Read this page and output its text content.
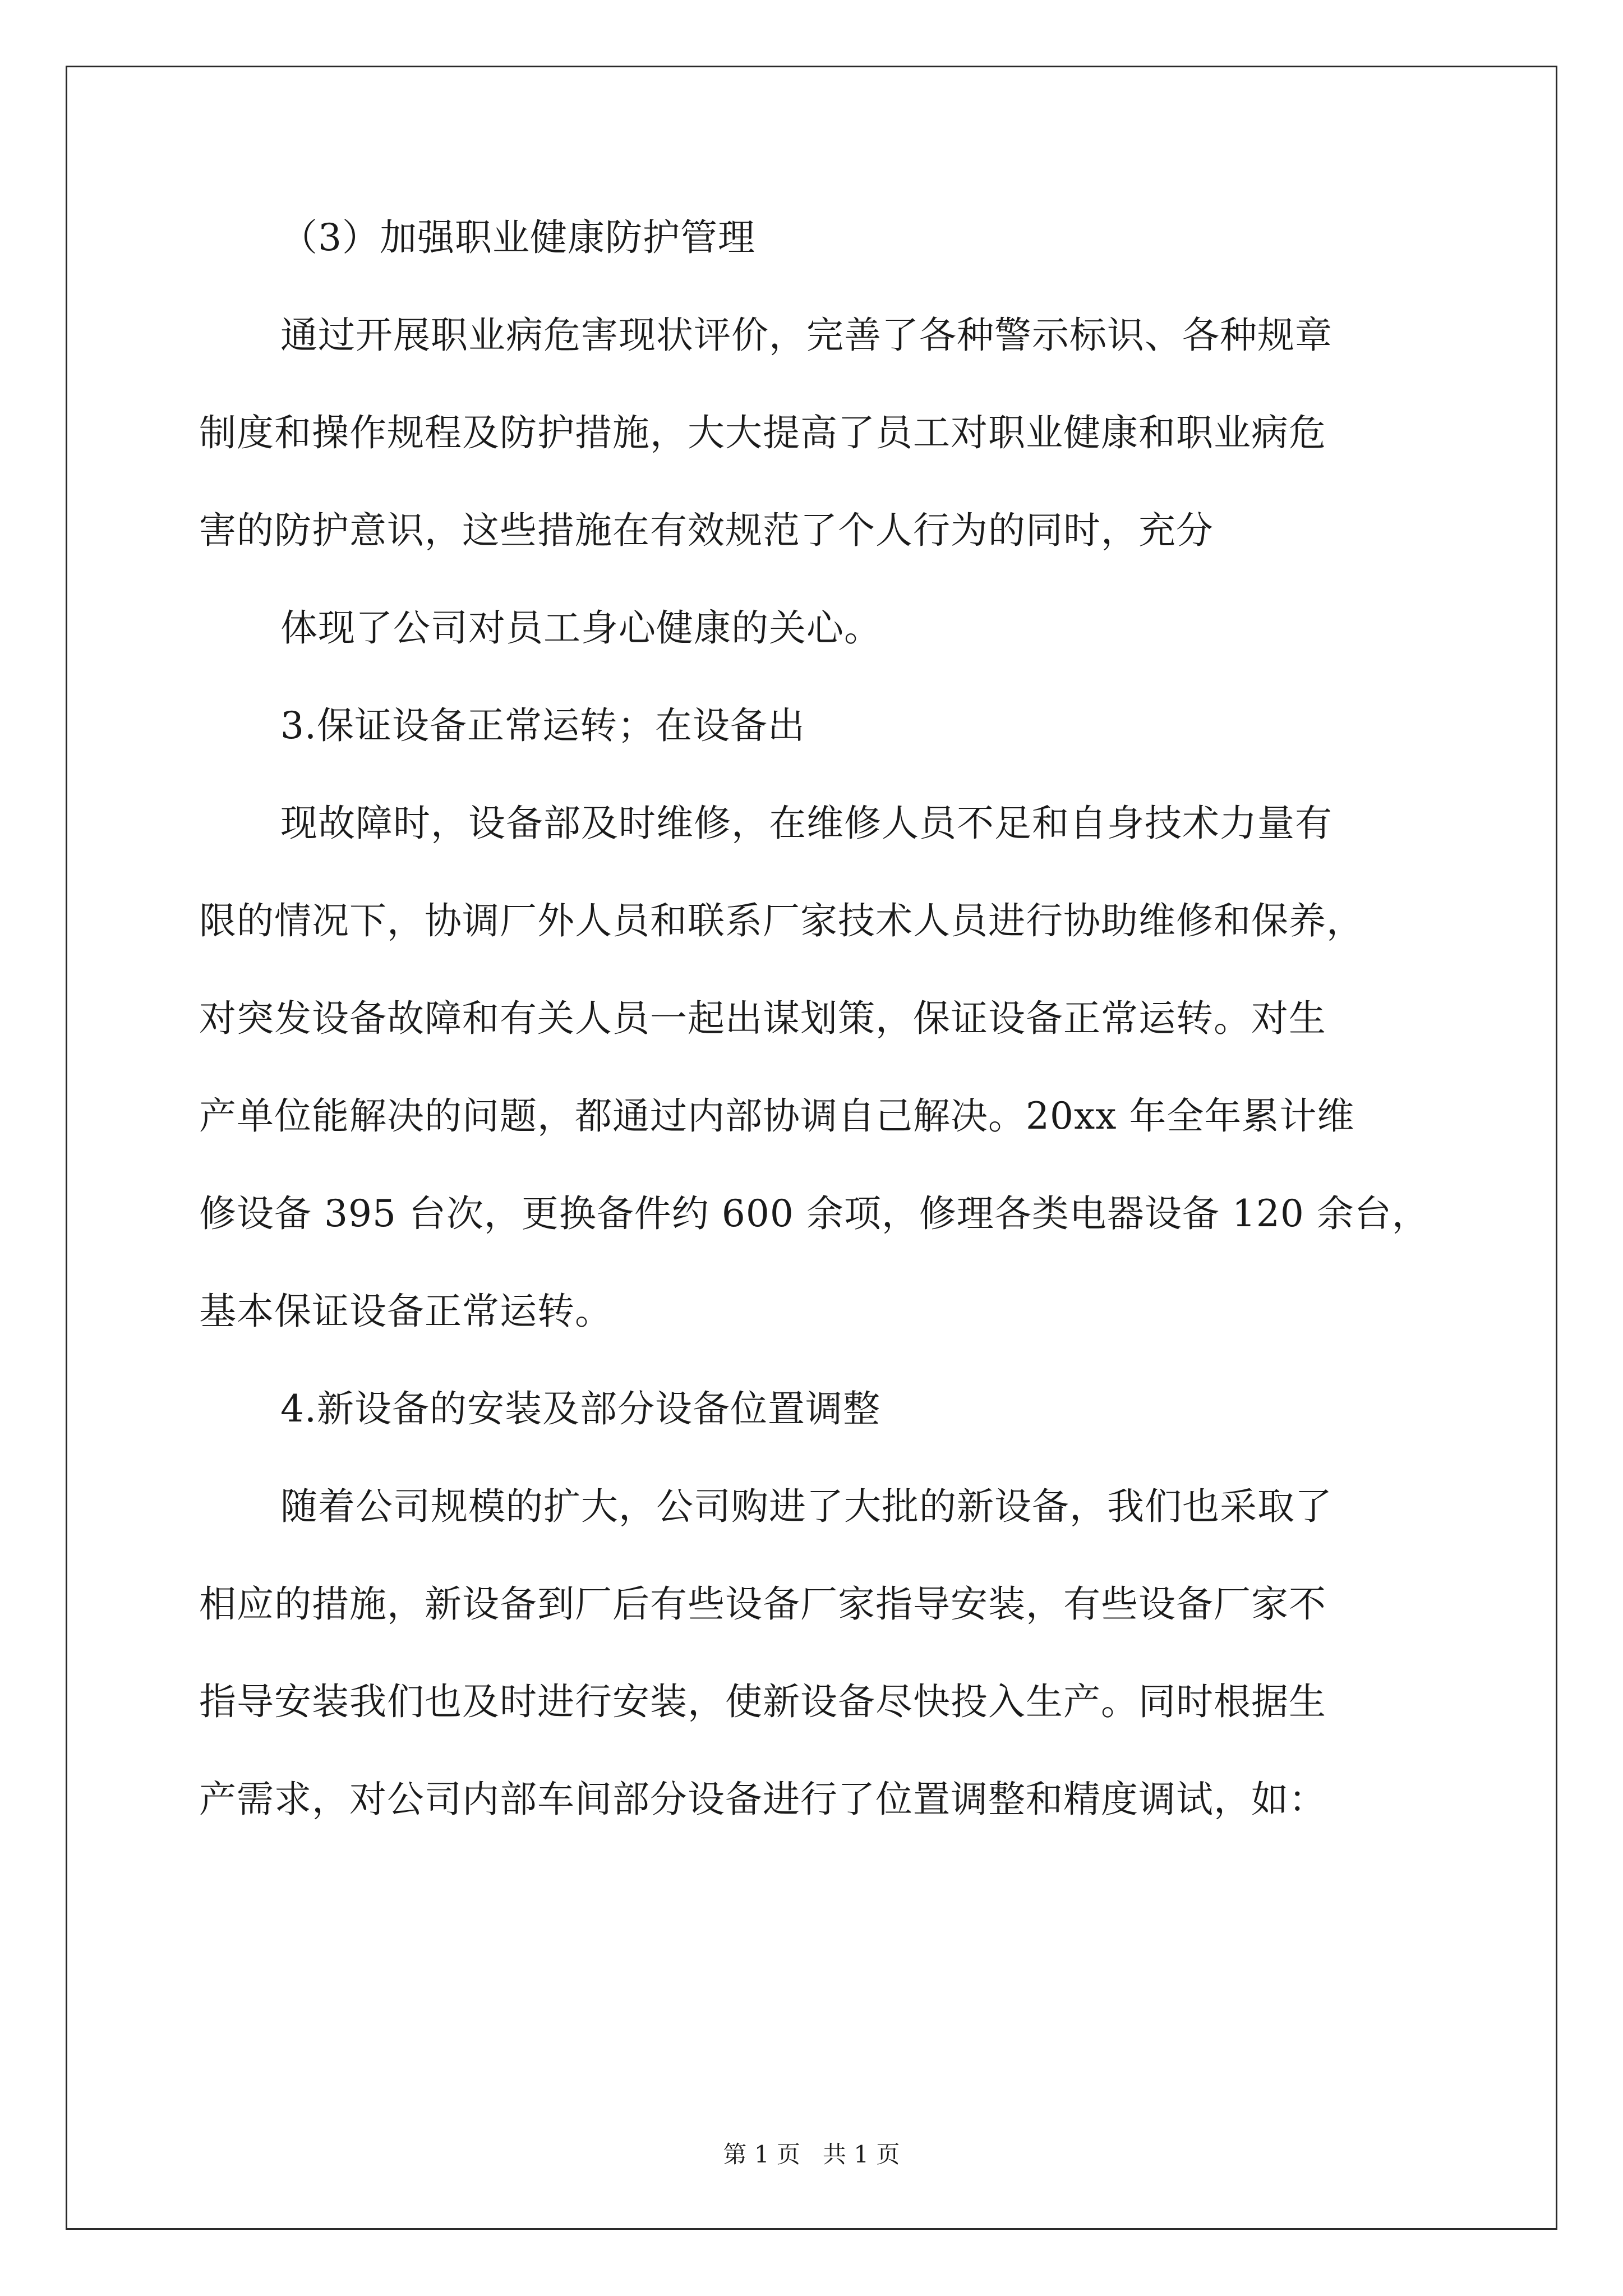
（3）加强职业健康防护管理

通过开展职业病危害现状评价，完善了各种警示标识、各种规章

制度和操作规程及防护措施，大大提高了员工对职业健康和职业病危

害的防护意识，这些措施在有效规范了个人行为的同时，充分

体现了公司对员工身心健康的关心。

3.保证设备正常运转；在设备出

现故障时，设备部及时维修，在维修人员不足和自身技术力量有

限的情况下，协调厂外人员和联系厂家技术人员进行协助维修和保养，

对突发设备故障和有关人员一起出谋划策，保证设备正常运转。对生

产单位能解决的问题，都通过内部协调自己解决。20xx 年全年累计维

修设备 395 台次，更换备件约 600 余项，修理各类电器设备 120 余台，

基本保证设备正常运转。

4.新设备的安装及部分设备位置调整

随着公司规模的扩大，公司购进了大批的新设备，我们也采取了

相应的措施，新设备到厂后有些设备厂家指导安装，有些设备厂家不

指导安装我们也及时进行安装，使新设备尽快投入生产。同时根据生

产需求，对公司内部车间部分设备进行了位置调整和精度调试，如：

第 1 页   共 1 页
